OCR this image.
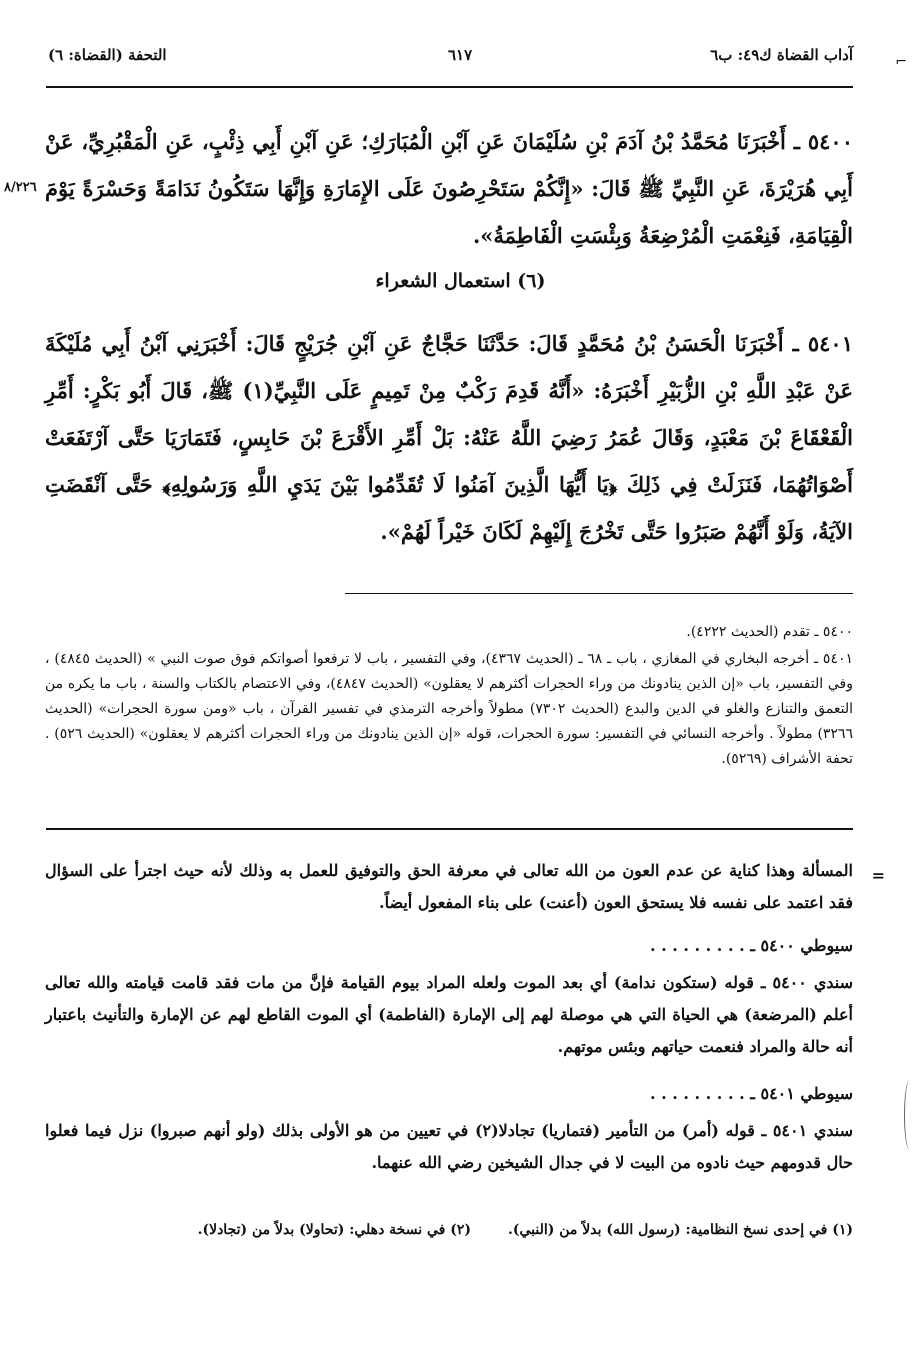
آداب القضاة ك٤٩: ب٦
٦١٧
التحفة (القضاة: ٦)	⌐
٨/٢٢٦
٥٤٠٠ ـ أَخْبَرَنَا مُحَمَّدُ بْنُ آدَمَ بْنِ سُلَيْمَانَ عَنِ آبْنِ الْمُبَارَكِ؛ عَنِ آبْنِ أَبِي ذِئْبٍ، عَنِ الْمَقْبُرِيِّ، عَنْ أَبِي هُرَيْرَةَ، عَنِ النَّبِيِّ ﷺ قَالَ: «إِنَّكُمْ سَتَحْرِصُونَ عَلَى الإِمَارَةِ وَإِنَّهَا سَتَكُونُ نَدَامَةً وَحَسْرَةً يَوْمَ الْقِيَامَةِ، فَنِعْمَتِ الْمُرْضِعَةُ وَبِئْسَتِ الْفَاطِمَةُ».
(٦) استعمال الشعراء
٥٤٠١ ـ أَخْبَرَنَا الْحَسَنُ بْنُ مُحَمَّدٍ قَالَ: حَدَّثَنَا حَجَّاجٌ عَنِ آبْنِ جُرَيْجٍ قَالَ: أَخْبَرَنِي آبْنُ أَبِي مُلَيْكَةَ عَنْ عَبْدِ اللَّهِ بْنِ الزُّبَيْرِ أَخْبَرَهُ: «أَنَّهُ قَدِمَ رَكْبٌ مِنْ تَمِيمٍ عَلَى النَّبِيِّ(١) ﷺ، قَالَ أَبُو بَكْرٍ: أَمِّرِ الْقَعْقَاعَ بْنَ مَعْبَدٍ، وَقَالَ عُمَرُ رَضِيَ اللَّهُ عَنْهُ: بَلْ أَمِّرِ الأَقْرَعَ بْنَ حَابِسٍ، فَتَمَارَيَا حَتَّى آرْتَفَعَتْ أَصْوَاتُهُمَا، فَنَزَلَتْ فِي ذَلِكَ ﴿يَا أَيُّهَا الَّذِينَ آمَنُوا لَا تُقَدِّمُوا بَيْنَ يَدَيِ اللَّهِ وَرَسُولِهِ﴾ حَتَّى آنْقَضَتِ الآيَةُ، وَلَوْ أَنَّهُمْ صَبَرُوا حَتَّى تَخْرُجَ إِلَيْهِمْ لَكَانَ خَيْراً لَهُمْ».
٥٤٠٠ ـ تقدم (الحديث ٤٢٢٢).
٥٤٠١ ـ أخرجه البخاري في المغازي ، باب ـ ٦٨ ـ (الحديث ٤٣٦٧)، وفي التفسير ، باب لا ترفعوا أصواتكم فوق صوت النبي » (الحديث ٤٨٤٥) ، وفي التفسير، باب «إن الذين ينادونك من وراء الحجرات أكثرهم لا يعقلون» (الحديث ٤٨٤٧)، وفي الاعتصام بالكتاب والسنة ، باب ما يكره من التعمق والتنازع والغلو في الدين والبدع (الحديث ٧٣٠٢) مطولاً وأخرجه الترمذي في تفسير القرآن ، باب «ومن سورة الحجرات» (الحديث ٣٢٦٦) مطولاً . وأخرجه النسائي في التفسير: سورة الحجرات، قوله «إن الذين ينادونك من وراء الحجرات أكثرهم لا يعقلون» (الحديث ٥٢٦) . تحفة الأشراف (٥٢٦٩).
=
المسألة وهذا كناية عن عدم العون من الله تعالى في معرفة الحق والتوفيق للعمل به وذلك لأنه حيث اجترأ على السؤال فقد اعتمد على نفسه فلا يستحق العون (أعنت) على بناء المفعول أيضاً.
سيوطي ٥٤٠٠ ـ . . . . . . . . .
سندي ٥٤٠٠ ـ قوله (ستكون ندامة) أي بعد الموت ولعله المراد بيوم القيامة فإنَّ من مات فقد قامت قيامته والله تعالى أعلم (المرضعة) هي الحياة التي هي موصلة لهم إلى الإمارة (الفاطمة) أي الموت القاطع لهم عن الإمارة والتأنيث باعتبار أنه حالة والمراد فنعمت حياتهم وبئس موتهم.
سيوطي ٥٤٠١ ـ . . . . . . . . .
سندي ٥٤٠١ ـ قوله (أمر) من التأمير (فتماريا) تجادلا(٢) في تعيين من هو الأولى بذلك (ولو أنهم صبروا) نزل فيما فعلوا حال قدومهم حيث نادوه من البيت لا في جدال الشيخين رضي الله عنهما.
(١) في إحدى نسخ النظامية: (رسول الله) بدلاً من (النبي).
(٢) في نسخة دهلي: (تحاولا) بدلاً من (تجادلا).
